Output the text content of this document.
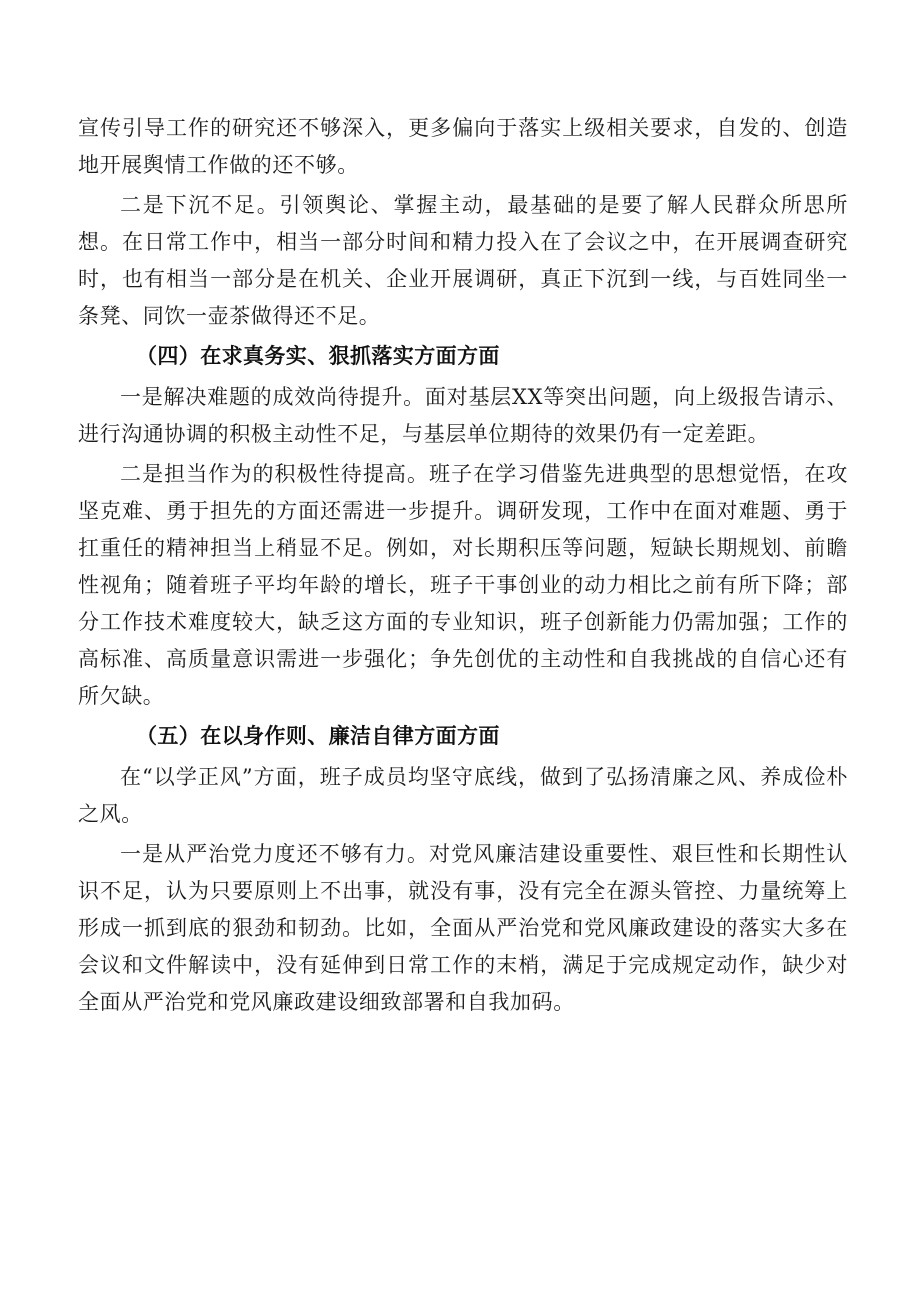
宣传引导工作的研究还不够深入，更多偏向于落实上级相关要求，自发的、创造地开展舆情工作做的还不够。

二是下沉不足。引领舆论、掌握主动，最基础的是要了解人民群众所思所想。在日常工作中，相当一部分时间和精力投入在了会议之中，在开展调查研究时，也有相当一部分是在机关、企业开展调研，真正下沉到一线，与百姓同坐一条凳、同饮一壶茶做得还不足。

（四）在求真务实、狠抓落实方面方面

一是解决难题的成效尚待提升。面对基层XX等突出问题，向上级报告请示、进行沟通协调的积极主动性不足，与基层单位期待的效果仍有一定差距。

二是担当作为的积极性待提高。班子在学习借鉴先进典型的思想觉悟，在攻坚克难、勇于担先的方面还需进一步提升。调研发现，工作中在面对难题、勇于扛重任的精神担当上稍显不足。例如，对长期积压等问题，短缺长期规划、前瞻性视角；随着班子平均年龄的增长，班子干事创业的动力相比之前有所下降；部分工作技术难度较大，缺乏这方面的专业知识，班子创新能力仍需加强；工作的高标准、高质量意识需进一步强化；争先创优的主动性和自我挑战的自信心还有所欠缺。

（五）在以身作则、廉洁自律方面方面

在“以学正风”方面，班子成员均坚守底线，做到了弘扬清廉之风、养成俭朴之风。

一是从严治党力度还不够有力。对党风廉洁建设重要性、艰巨性和长期性认识不足，认为只要原则上不出事，就没有事，没有完全在源头管控、力量统筹上形成一抓到底的狠劲和韧劲。比如，全面从严治党和党风廉政建设的落实大多在会议和文件解读中，没有延伸到日常工作的末梢，满足于完成规定动作，缺少对全面从严治党和党风廉政建设细致部署和自我加码。
